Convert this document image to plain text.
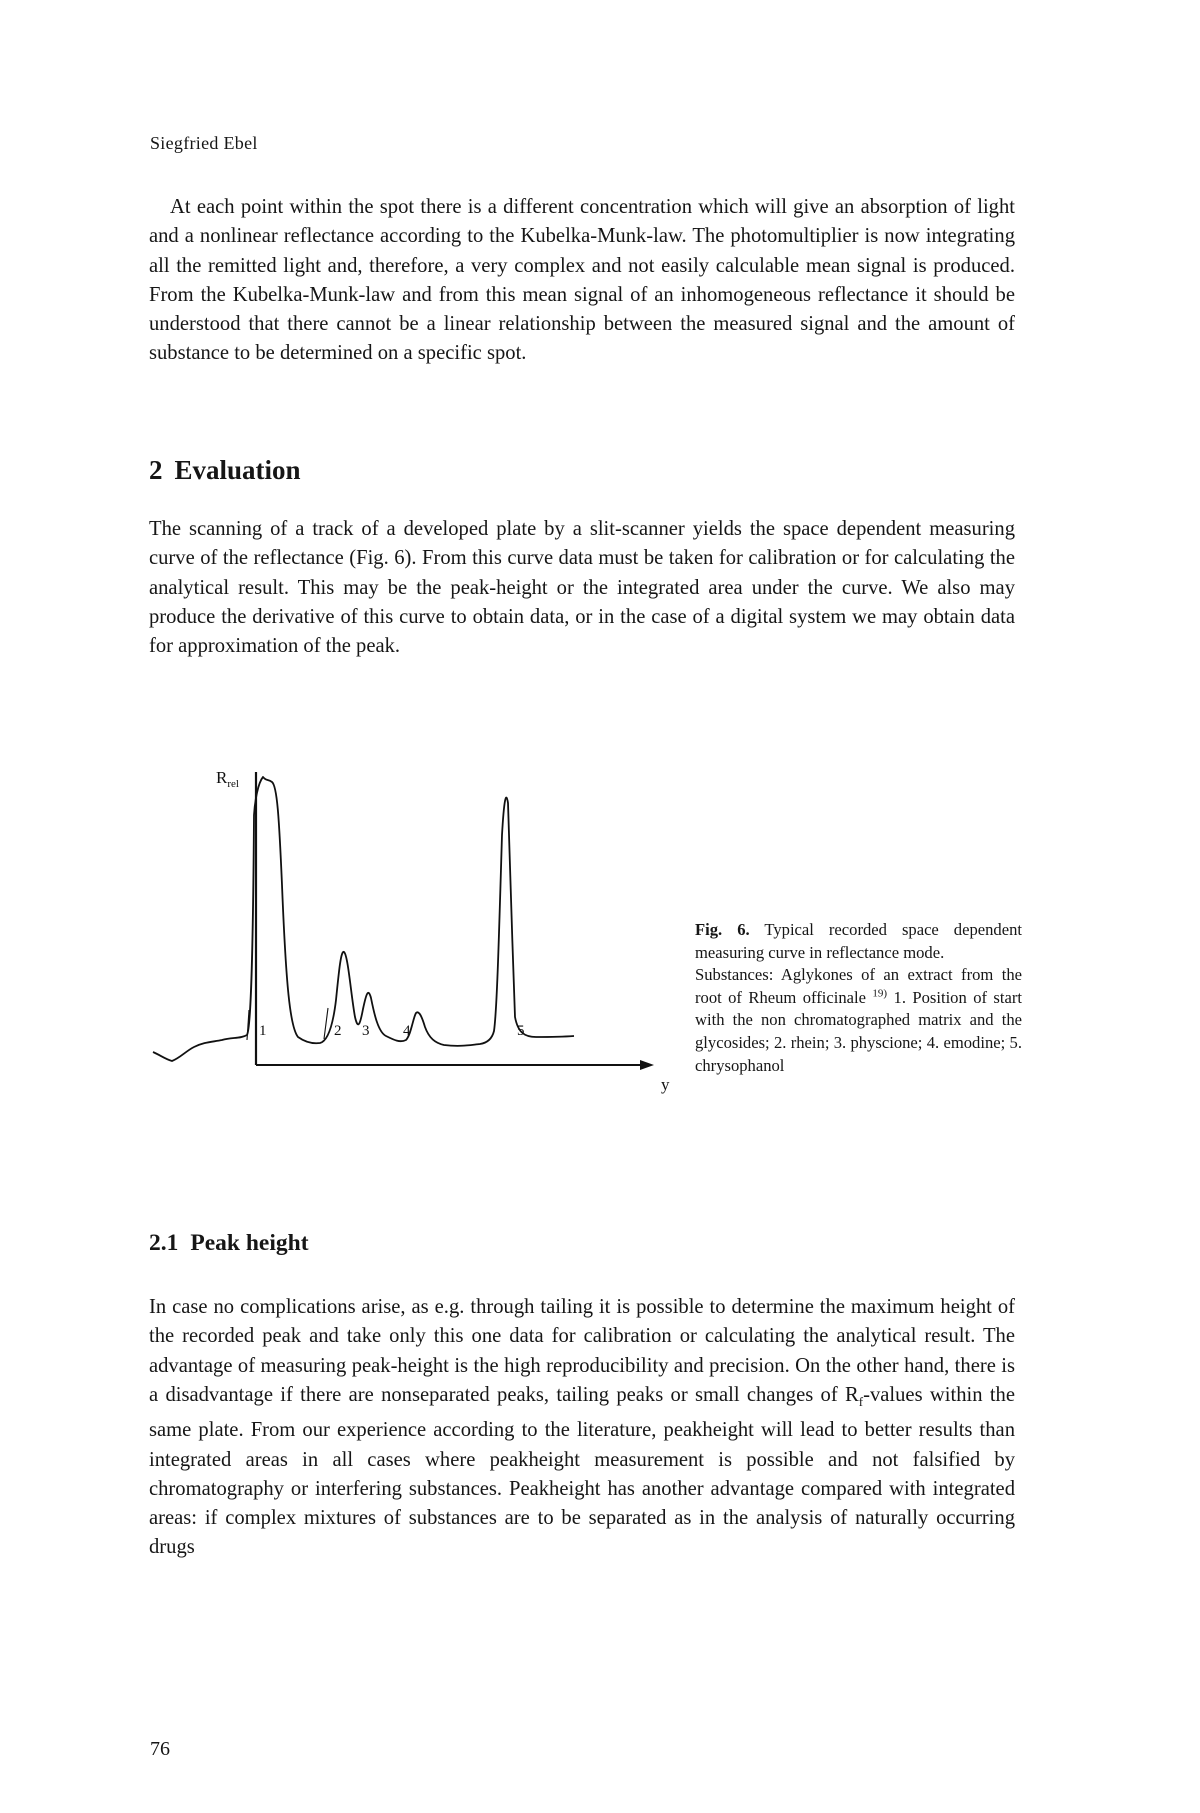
Siegfried Ebel

At each point within the spot there is a different concentration which will give an absorption of light and a nonlinear reflectance according to the Kubelka-Munk-law. The photomultiplier is now integrating all the remitted light and, therefore, a very complex and not easily calculable mean signal is produced. From the Kubelka-Munk-law and from this mean signal of an inhomogeneous reflectance it should be understood that there cannot be a linear relationship between the measured signal and the amount of substance to be determined on a specific spot.

2 Evaluation

The scanning of a track of a developed plate by a slit-scanner yields the space dependent measuring curve of the reflectance (Fig. 6). From this curve data must be taken for calibration or for calculating the analytical result. This may be the peak-height or the integrated area under the curve. We also may produce the derivative of this curve to obtain data, or in the case of a digital system we may obtain data for approximation of the peak.

$R_{rel}$
y
1	2 3 4	5

Fig. 6. Typical recorded space dependent measuring curve in reflectance mode.
Substances: Aglykones of an extract from the root of Rheum officinale $^{19)}$ 1. Position of start with the non chromatographed matrix and the glycosides; 2. rhein; 3. physcione; 4. emodine; 5. chrysophanol

2.1 Peak height

In case no complications arise, as e.g. through tailing it is possible to determine the maximum height of the recorded peak and take only this one data for calibration or calculating the analytical result. The advantage of measuring peak-height is the high reproducibility and precision. On the other hand, there is a disadvantage if there are nonseparated peaks, tailing peaks or small changes of $R_f$-values within the same plate. From our experience according to the literature, peakheight will lead to better results than integrated areas in all cases where peakheight measurement is possible and not falsified by chromatography or interfering substances. Peakheight has another advantage compared with integrated areas: if complex mixtures of substances are to be separated as in the analysis of naturally occurring drugs

76
